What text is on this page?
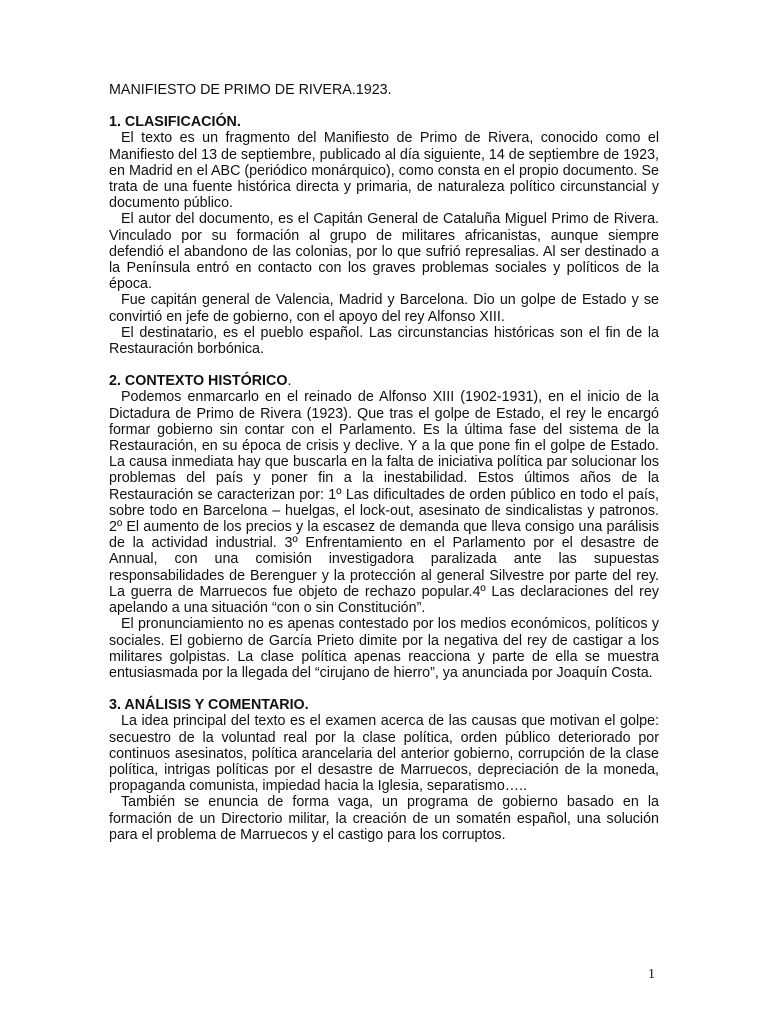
MANIFIESTO DE PRIMO DE RIVERA.1923.

1. CLASIFICACIÓN.

El texto es un fragmento del Manifiesto de Primo de Rivera, conocido como el Manifiesto del 13 de septiembre, publicado al día siguiente, 14 de septiembre de 1923, en Madrid en el ABC (periódico monárquico), como consta en el propio documento. Se trata de una fuente histórica directa y primaria, de naturaleza político circunstancial y documento público.

El autor del documento, es el Capitán General de Cataluña Miguel Primo de Rivera. Vinculado por su formación al grupo de militares africanistas, aunque siempre defendió el abandono de las colonias, por lo que sufrió represalias. Al ser destinado a la Península entró en contacto con los graves problemas sociales y políticos de la época.

Fue capitán general de Valencia, Madrid y Barcelona. Dio un golpe de Estado y se convirtió en jefe de gobierno, con el apoyo del rey Alfonso XIII.

El destinatario, es el pueblo español. Las circunstancias históricas son el fin de la Restauración borbónica.

2. CONTEXTO HISTÓRICO.

Podemos enmarcarlo en el reinado de Alfonso XIII (1902-1931), en el inicio de la Dictadura de Primo de Rivera (1923). Que tras el golpe de Estado, el rey le encargó formar gobierno sin contar con el Parlamento. Es la última fase del sistema de la Restauración, en su época de crisis y declive. Y a la que pone fin el golpe de Estado. La causa inmediata hay que buscarla en la falta de iniciativa política par solucionar los problemas del país y poner fin a la inestabilidad. Estos últimos años de la Restauración se caracterizan por: 1º Las dificultades de orden público en todo el país, sobre todo en Barcelona – huelgas, el lock-out, asesinato de sindicalistas y patronos. 2º El aumento de los precios y la escasez de demanda que lleva consigo una parálisis de la actividad industrial. 3º Enfrentamiento en el Parlamento por el desastre de Annual, con una comisión investigadora paralizada ante las supuestas responsabilidades de Berenguer y la protección al general Silvestre por parte del rey. La guerra de Marruecos fue objeto de rechazo popular.4º Las declaraciones del rey apelando a una situación “con o sin Constitución”.

El pronunciamiento no es apenas contestado por los medios económicos, políticos y sociales. El gobierno de García Prieto dimite por la negativa del rey de castigar a los militares golpistas. La clase política apenas reacciona y parte de ella se muestra entusiasmada por la llegada del “cirujano de hierro”, ya anunciada por Joaquín Costa.

3. ANÁLISIS Y COMENTARIO.

La idea principal del texto es el examen acerca de las causas que motivan el golpe: secuestro de la voluntad real por la clase política, orden público deteriorado por continuos asesinatos, política arancelaria del anterior gobierno, corrupción de la clase política, intrigas políticas por el desastre de Marruecos, depreciación de la moneda, propaganda comunista, impiedad hacia la Iglesia, separatismo…..

También se enuncia de forma vaga, un programa de gobierno basado en la formación de un Directorio militar, la creación de un somatén español, una solución para el problema de Marruecos y el castigo para los corruptos.

1
